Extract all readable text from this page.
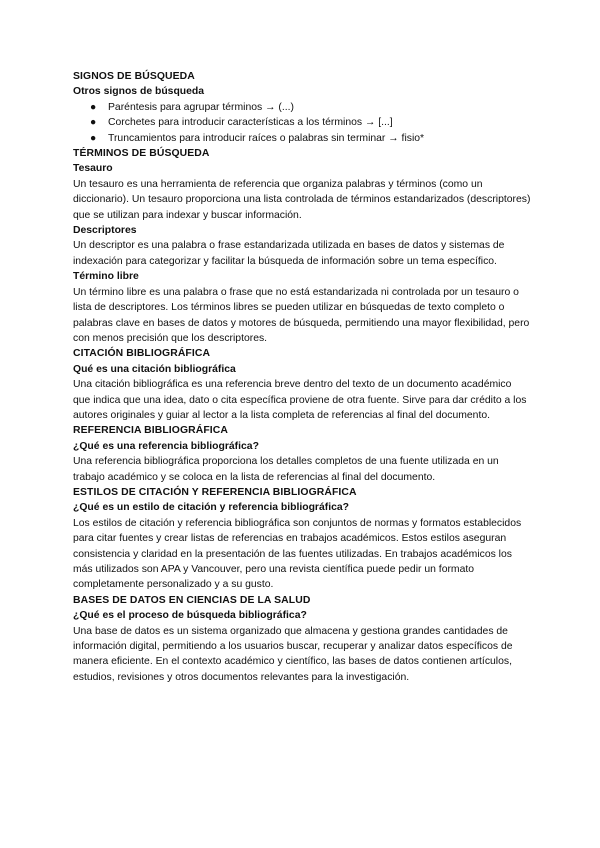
SIGNOS DE BÚSQUEDA

Otros signos de búsqueda

● Paréntesis para agrupar términos → (...)
● Corchetes para introducir características a los términos → [...]
● Truncamientos para introducir raíces o palabras sin terminar → fisio*

TÉRMINOS DE BÚSQUEDA

Tesauro

Un tesauro es una herramienta de referencia que organiza palabras y términos (como un diccionario). Un tesauro proporciona una lista controlada de términos estandarizados (descriptores) que se utilizan para indexar y buscar información.

Descriptores

Un descriptor es una palabra o frase estandarizada utilizada en bases de datos y sistemas de indexación para categorizar y facilitar la búsqueda de información sobre un tema específico.

Término libre

Un término libre es una palabra o frase que no está estandarizada ni controlada por un tesauro o lista de descriptores. Los términos libres se pueden utilizar en búsquedas de texto completo o palabras clave en bases de datos y motores de búsqueda, permitiendo una mayor flexibilidad, pero con menos precisión que los descriptores.

CITACIÓN BIBLIOGRÁFICA

Qué es una citación bibliográfica

Una citación bibliográfica es una referencia breve dentro del texto de un documento académico que indica que una idea, dato o cita específica proviene de otra fuente. Sirve para dar crédito a los autores originales y guiar al lector a la lista completa de referencias al final del documento.

REFERENCIA BIBLIOGRÁFICA

¿Qué es una referencia bibliográfica?

Una referencia bibliográfica proporciona los detalles completos de una fuente utilizada en un trabajo académico y se coloca en la lista de referencias al final del documento.

ESTILOS DE CITACIÓN Y REFERENCIA BIBLIOGRÁFICA

¿Qué es un estilo de citación y referencia bibliográfica?

Los estilos de citación y referencia bibliográfica son conjuntos de normas y formatos establecidos para citar fuentes y crear listas de referencias en trabajos académicos. Estos estilos aseguran consistencia y claridad en la presentación de las fuentes utilizadas. En trabajos académicos los más utilizados son APA y Vancouver, pero una revista científica puede pedir un formato completamente personalizado y a su gusto.

BASES DE DATOS EN CIENCIAS DE LA SALUD

¿Qué es el proceso de búsqueda bibliográfica?

Una base de datos es un sistema organizado que almacena y gestiona grandes cantidades de información digital, permitiendo a los usuarios buscar, recuperar y analizar datos específicos de manera eficiente. En el contexto académico y científico, las bases de datos contienen artículos, estudios, revisiones y otros documentos relevantes para la investigación.
